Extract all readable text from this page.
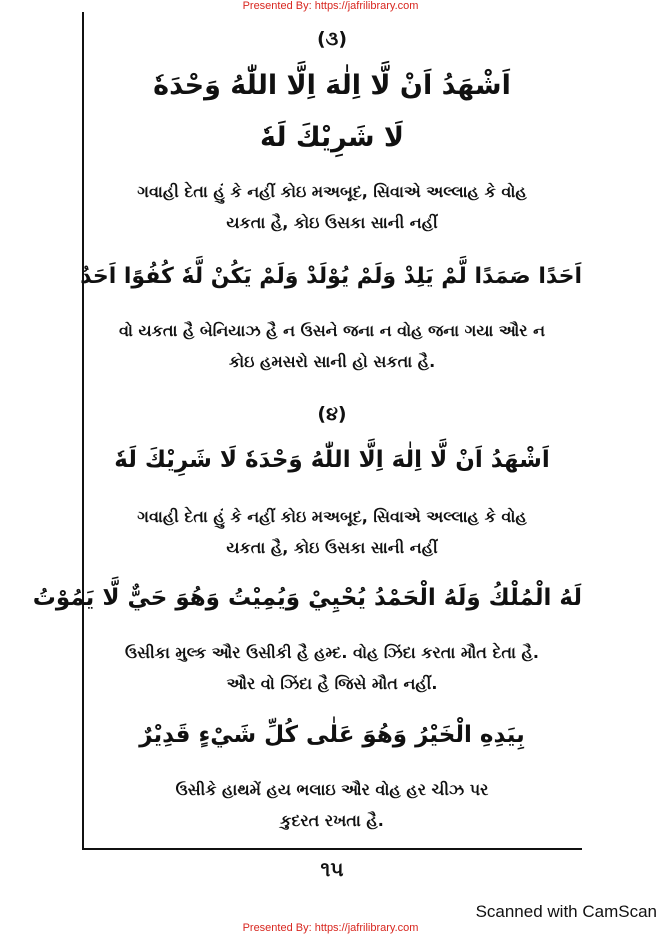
Presented By: https://jafrilibrary.com
(૩)
اَشْهَدُ اَنْ لَّا اِلٰهَ اِلَّا اللّٰهُ وَحْدَهٗ
لَا شَرِيْكَ لَهٗ
ગવાહી દેતા હું કે નહીં કોઇ મઅબૂદ, સિવાએ અલ્લાહ કે વોહ
યકતા હૈ, કોઇ ઉસકા સાની નહીં
اَحَدًا صَمَدًا لَّمْ يَلِدْ وَلَمْ يُوْلَدْ وَلَمْ يَكُنْ لَّهٗ كُفُوًا اَحَدٌ
વો યકતા હૈ બેનિયાઝ હૈ ન ઉસને જના ન વોહ જના ગયા ઔર ન
કોઇ હમસરો સાની હો સકતા હૈ.
(૪)
اَشْهَدُ اَنْ لَّا اِلٰهَ اِلَّا اللّٰهُ وَحْدَهٗ لَا شَرِيْكَ لَهٗ
ગવાહી દેતા હું કે નહીં કોઇ મઅબૂદ, સિવાએ અલ્લાહ કે વોહ
યકતા હૈ, કોઇ ઉસકા સાની નહીં
لَهُ الْمُلْكُ وَلَهُ الْحَمْدُ يُحْيِيْ وَيُمِيْتُ وَهُوَ حَيٌّ لَّا يَمُوْتُ
ઉસીકા મુલ્ક ઔર ઉસીકી હૈ હમ્દ. વોહ ઝિંદા કરતા મૌત દેતા હૈ.
ઔર વો ઝિંદા હૈ જિસે મૌત નહીં.
بِيَدِهِ الْخَيْرُ وَهُوَ عَلٰى كُلِّ شَيْءٍ قَدِيْرٌ
ઉસીકે હાથમેં હય ભલાઇ ઔર વોહ હર ચીઝ પર
કુદરત રખતા હૈ.
૧૫
Scanned with CamScan
Presented By: https://jafrilibrary.com
